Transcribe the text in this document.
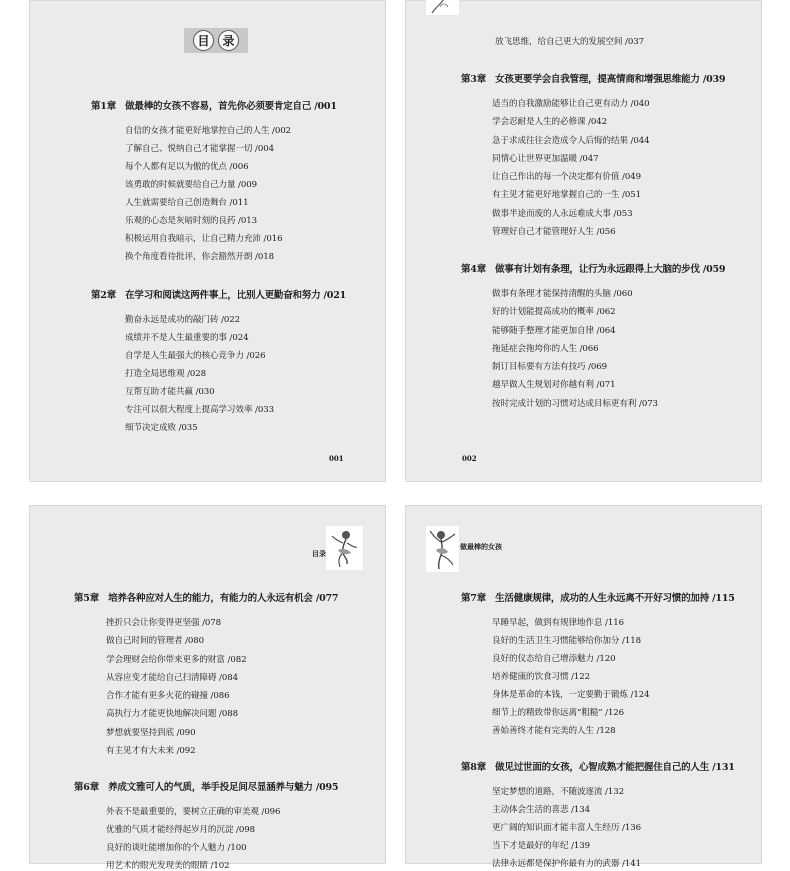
目	录
第1章 做最棒的女孩不容易，首先你必须要肯定自己 /001
自信的女孩才能更好地掌控自己的人生 /002
了解自己、悦纳自己才能掌握一切 /004
每个人都有足以为傲的优点 /006
该勇敢的时候就要给自己力量 /009
人生就需要给自己创造舞台 /011
乐观的心态是灰暗时刻的良药 /013
积极运用自我暗示，让自己精力充沛 /016
换个角度看待批评，你会豁然开朗 /018
第2章 在学习和阅读这两件事上，比别人更勤奋和努力 /021
勤奋永远是成功的敲门砖 /022
成绩并不是人生最重要的事 /024
自学是人生最强大的核心竞争力 /026
打造全局思维观 /028
互帮互助才能共赢 /030
专注可以很大程度上提高学习效率 /033
细节决定成败 /035
001
放飞思维，给自己更大的发展空间 /037
第3章 女孩更要学会自我管理，提高情商和增强思维能力 /039
适当的自我激励能够让自己更有动力 /040
学会忍耐是人生的必修课 /042
急于求成往往会造成令人后悔的结果 /044
同情心让世界更加温暖 /047
让自己作出的每一个决定都有价值 /049
有主见才能更好地掌握自己的一生 /051
做事半途而废的人永远难成大事 /053
管理好自己才能管理好人生 /056
第4章 做事有计划有条理，让行为永远跟得上大脑的步伐 /059
做事有条理才能保持清醒的头脑 /060
好的计划能提高成功的概率 /062
能够随手整理才能更加自律 /064
拖延症会拖垮你的人生 /066
制订目标要有方法有技巧 /069
越早做人生规划对你越有利 /071
按时完成计划的习惯对达成目标更有利 /073
002
目录
第5章 培养各种应对人生的能力，有能力的人永远有机会 /077
挫折只会让你变得更坚强 /078
做自己时间的管理者 /080
学会理财会给你带来更多的财富 /082
从容应变才能给自己扫清障碍 /084
合作才能有更多火花的碰撞 /086
高执行力才能更快地解决问题 /088
梦想就要坚持到底 /090
有主见才有大未来 /092
第6章 养成文雅可人的气质，举手投足间尽显涵养与魅力 /095
外表不是最重要的，要树立正确的审美观 /096
优雅的气质才能经得起岁月的沉淀 /098
良好的谈吐能增加你的个人魅力 /100
用艺术的眼光发现美的眼睛 /102
做最棒的女孩
第7章 生活健康规律，成功的人生永远离不开好习惯的加持 /115
早睡早起，做到有规律地作息 /116
良好的生活卫生习惯能够给你加分 /118
良好的仪态给自己增添魅力 /120
培养健康的饮食习惯 /122
身体是革命的本钱，一定要勤于锻炼 /124
细节上的精致带你远离“粗糙” /126
善始善终才能有完美的人生 /128
第8章 做见过世面的女孩，心智成熟才能把握住自己的人生 /131
坚定梦想的道路，不随波逐流 /132
主动体会生活的喜悲 /134
更广阔的知识面才能丰富人生经历 /136
当下才是最好的年纪 /139
法律永远都是保护你最有力的武器 /141
